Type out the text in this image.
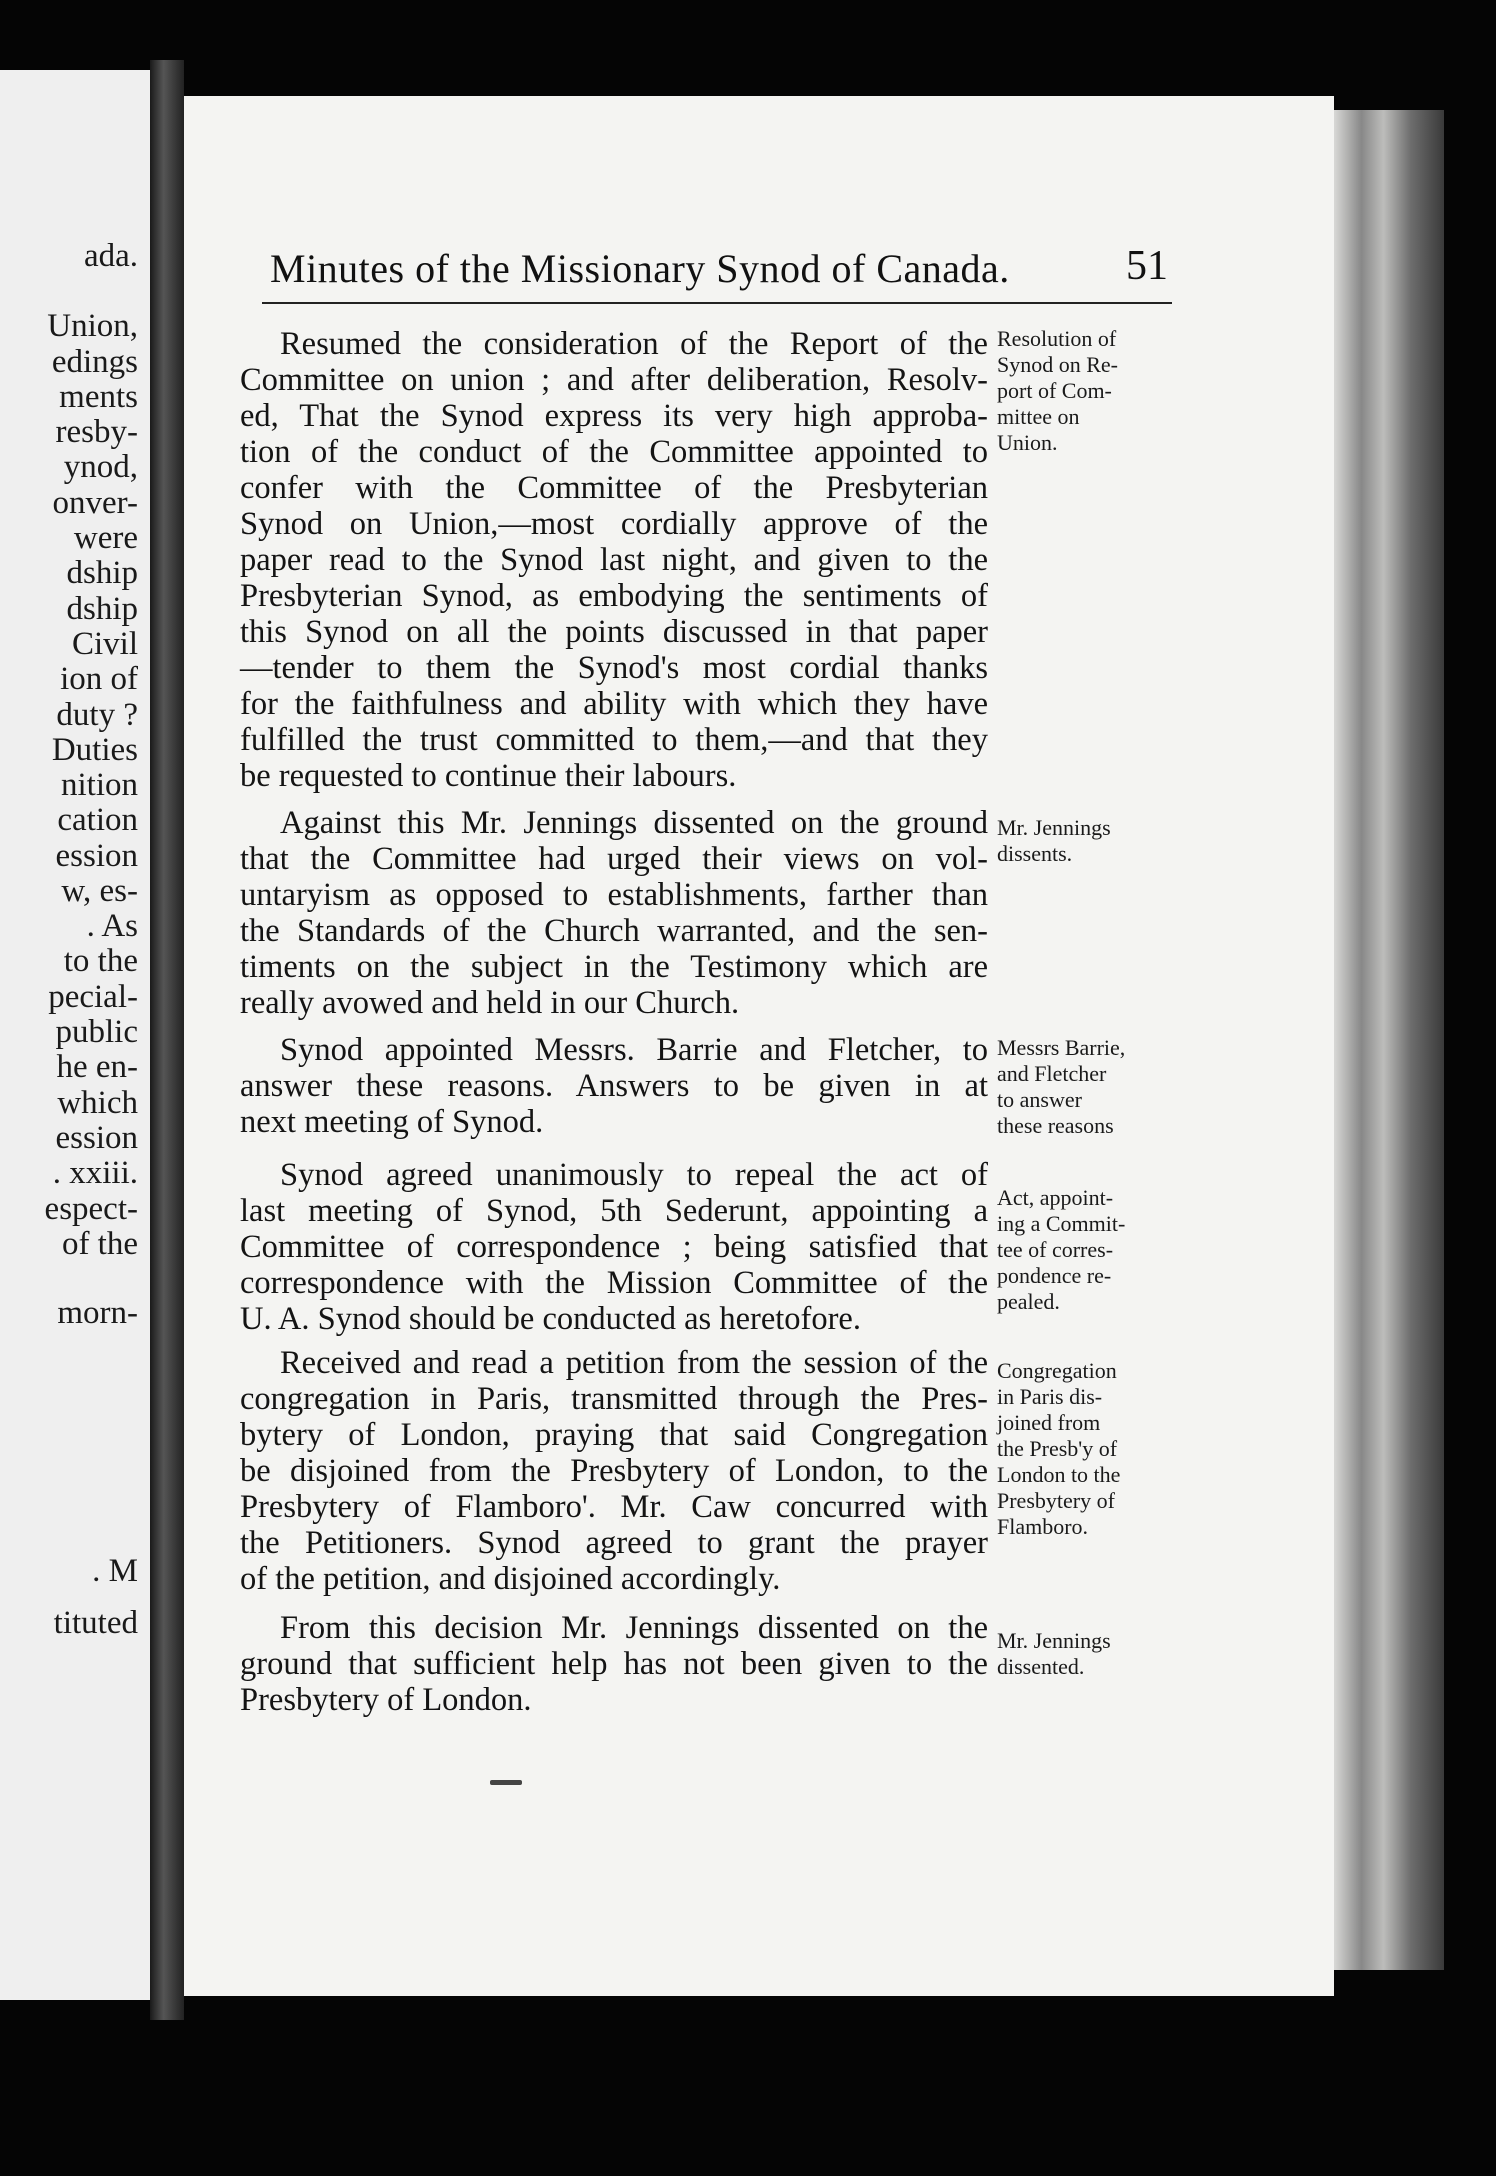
ada.
Union,
edings
ments
resby-
ynod,
onver-
were
dship
dship
Civil
ion of
duty ?
Duties
nition
cation
ession
w, es-
. As
to the
pecial-
public
he en-
which
ession
. xxiii.
espect-
of the
morn-
. M
tituted
Minutes of the Missionary Synod of Canada.	51
Resumed the consideration of the Report of the
Committee on union ; and after deliberation, Resolv-
ed, That the Synod express its very high approba-
tion of the conduct of the Committee appointed to
confer with the Committee of the Presbyterian
Synod on Union,—most cordially approve of the
paper read to the Synod last night, and given to the
Presbyterian Synod, as embodying the sentiments of
this Synod on all the points discussed in that paper
—tender to them the Synod's most cordial thanks
for the faithfulness and ability with which they have
fulfilled the trust committed to them,—and that they
be requested to continue their labours.
Resolution of
Synod on Re-
port of Com-
mittee on
Union.
Against this Mr. Jennings dissented on the ground
that the Committee had urged their views on vol-
untaryism as opposed to establishments, farther than
the Standards of the Church warranted, and the sen-
timents on the subject in the Testimony which are
really avowed and held in our Church.
Mr. Jennings
dissents.
Synod appointed Messrs. Barrie and Fletcher, to
answer these reasons. Answers to be given in at
next meeting of Synod.
Messrs Barrie,
and Fletcher
to answer
these reasons
Synod agreed unanimously to repeal the act of
last meeting of Synod, 5th Sederunt, appointing a
Committee of correspondence ; being satisfied that
correspondence with the Mission Committee of the
U. A. Synod should be conducted as heretofore.
Act, appoint-
ing a Commit-
tee of corres-
pondence re-
pealed.
Received and read a petition from the session of the
congregation in Paris, transmitted through the Pres-
bytery of London, praying that said Congregation
be disjoined from the Presbytery of London, to the
Presbytery of Flamboro'. Mr. Caw concurred with
the Petitioners. Synod agreed to grant the prayer
of the petition, and disjoined accordingly.
Congregation
in Paris dis-
joined from
the Presb'y of
London to the
Presbytery of
Flamboro.
From this decision Mr. Jennings dissented on the
ground that sufficient help has not been given to the
Presbytery of London.
Mr. Jennings
dissented.
